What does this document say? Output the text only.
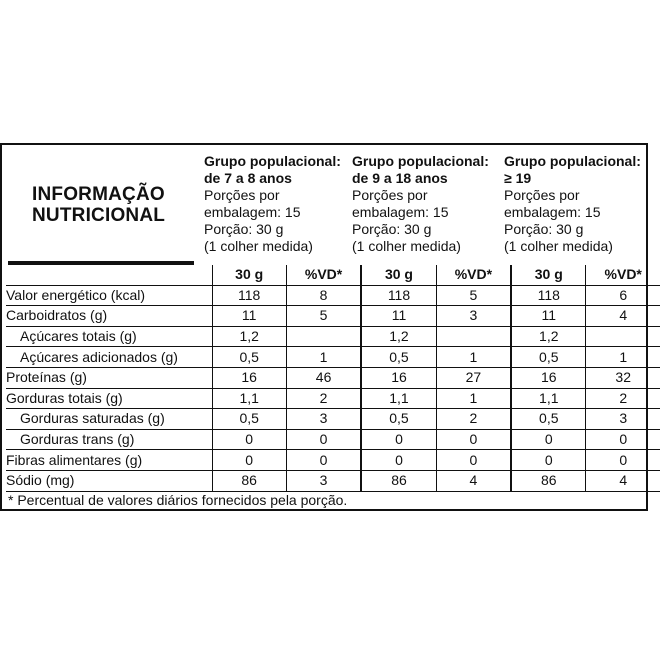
INFORMAÇÃO
NUTRICIONAL
Grupo populacional:
de 7 a 8 anos
Porções por
embalagem: 15
Porção: 30 g
(1 colher medida)
Grupo populacional:
de 9 a 18 anos
Porções por
embalagem: 15
Porção: 30 g
(1 colher medida)
Grupo populacional:
≥ 19
Porções por
embalagem: 15
Porção: 30 g
(1 colher medida)
	30 g	%VD*	30 g	%VD*	30 g	%VD*
Valor energético (kcal)	118	8	118	5	118	6
Carboidratos (g)	11	5	11	3	11	4
Açúcares totais (g)	1,2		1,2		1,2	
Açúcares adicionados (g)	0,5	1	0,5	1	0,5	1
Proteínas (g)	16	46	16	27	16	32
Gorduras totais (g)	1,1	2	1,1	1	1,1	2
Gorduras saturadas (g)	0,5	3	0,5	2	0,5	3
Gorduras trans (g)	0	0	0	0	0	0
Fibras alimentares (g)	0	0	0	0	0	0
Sódio (mg)	86	3	86	4	86	4
* Percentual de valores diários fornecidos pela porção.
